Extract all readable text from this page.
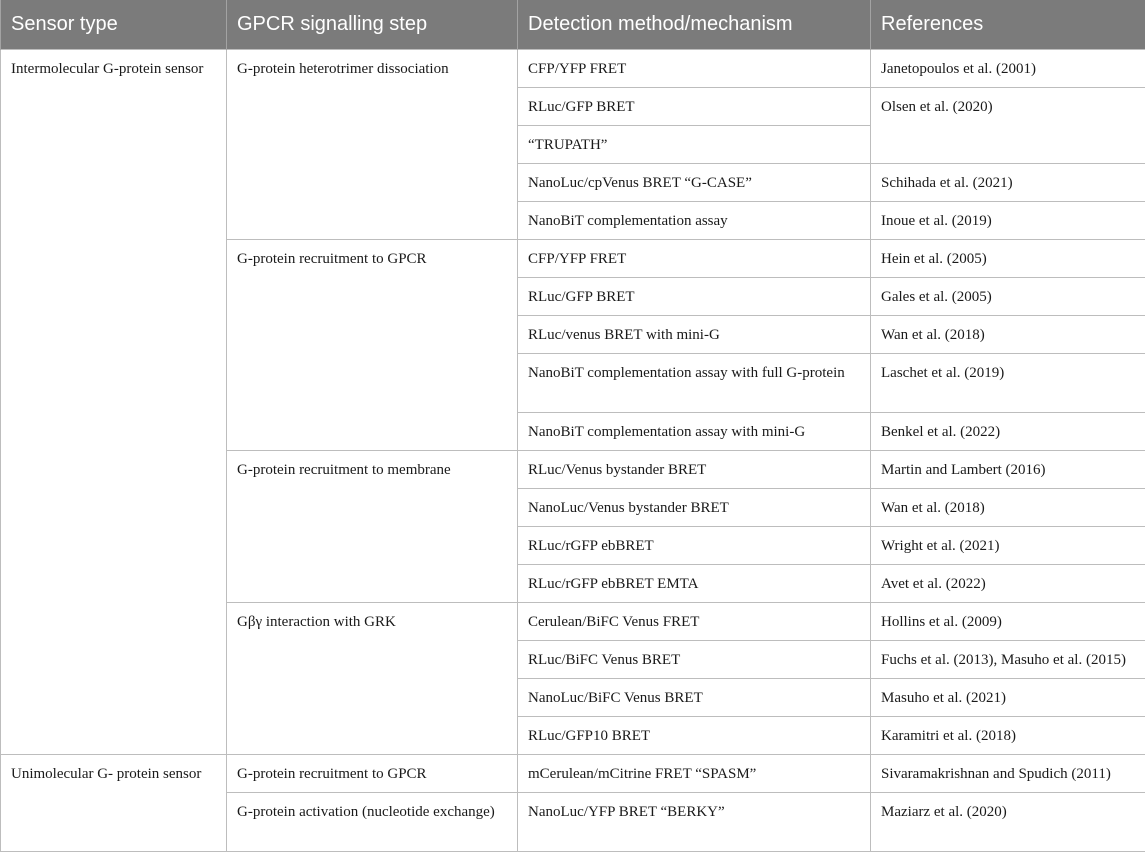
Sensor type	GPCR signalling step	Detection method/mechanism	References
Intermolecular G-protein sensor	G-protein heterotrimer dissociation	CFP/YFP FRET	Janetopoulos et al. (2001)
		RLuc/GFP BRET	Olsen et al. (2020)
		“TRUPATH”	
		NanoLuc/cpVenus BRET “G-CASE”	Schihada et al. (2021)
		NanoBiT complementation assay	Inoue et al. (2019)
	G-protein recruitment to GPCR	CFP/YFP FRET	Hein et al. (2005)
		RLuc/GFP BRET	Gales et al. (2005)
		RLuc/venus BRET with mini-G	Wan et al. (2018)
		NanoBiT complementation assay with full G-protein	Laschet et al. (2019)
		NanoBiT complementation assay with mini-G	Benkel et al. (2022)
	G-protein recruitment to membrane	RLuc/Venus bystander BRET	Martin and Lambert (2016)
		NanoLuc/Venus bystander BRET	Wan et al. (2018)
		RLuc/rGFP ebBRET	Wright et al. (2021)
		RLuc/rGFP ebBRET EMTA	Avet et al. (2022)
	Gβγ interaction with GRK	Cerulean/BiFC Venus FRET	Hollins et al. (2009)
		RLuc/BiFC Venus BRET	Fuchs et al. (2013), Masuho et al. (2015)
		NanoLuc/BiFC Venus BRET	Masuho et al. (2021)
		RLuc/GFP10 BRET	Karamitri et al. (2018)
Unimolecular G- protein sensor	G-protein recruitment to GPCR	mCerulean/mCitrine FRET “SPASM”	Sivaramakrishnan and Spudich (2011)
	G-protein activation (nucleotide exchange)	NanoLuc/YFP BRET “BERKY”	Maziarz et al. (2020)
